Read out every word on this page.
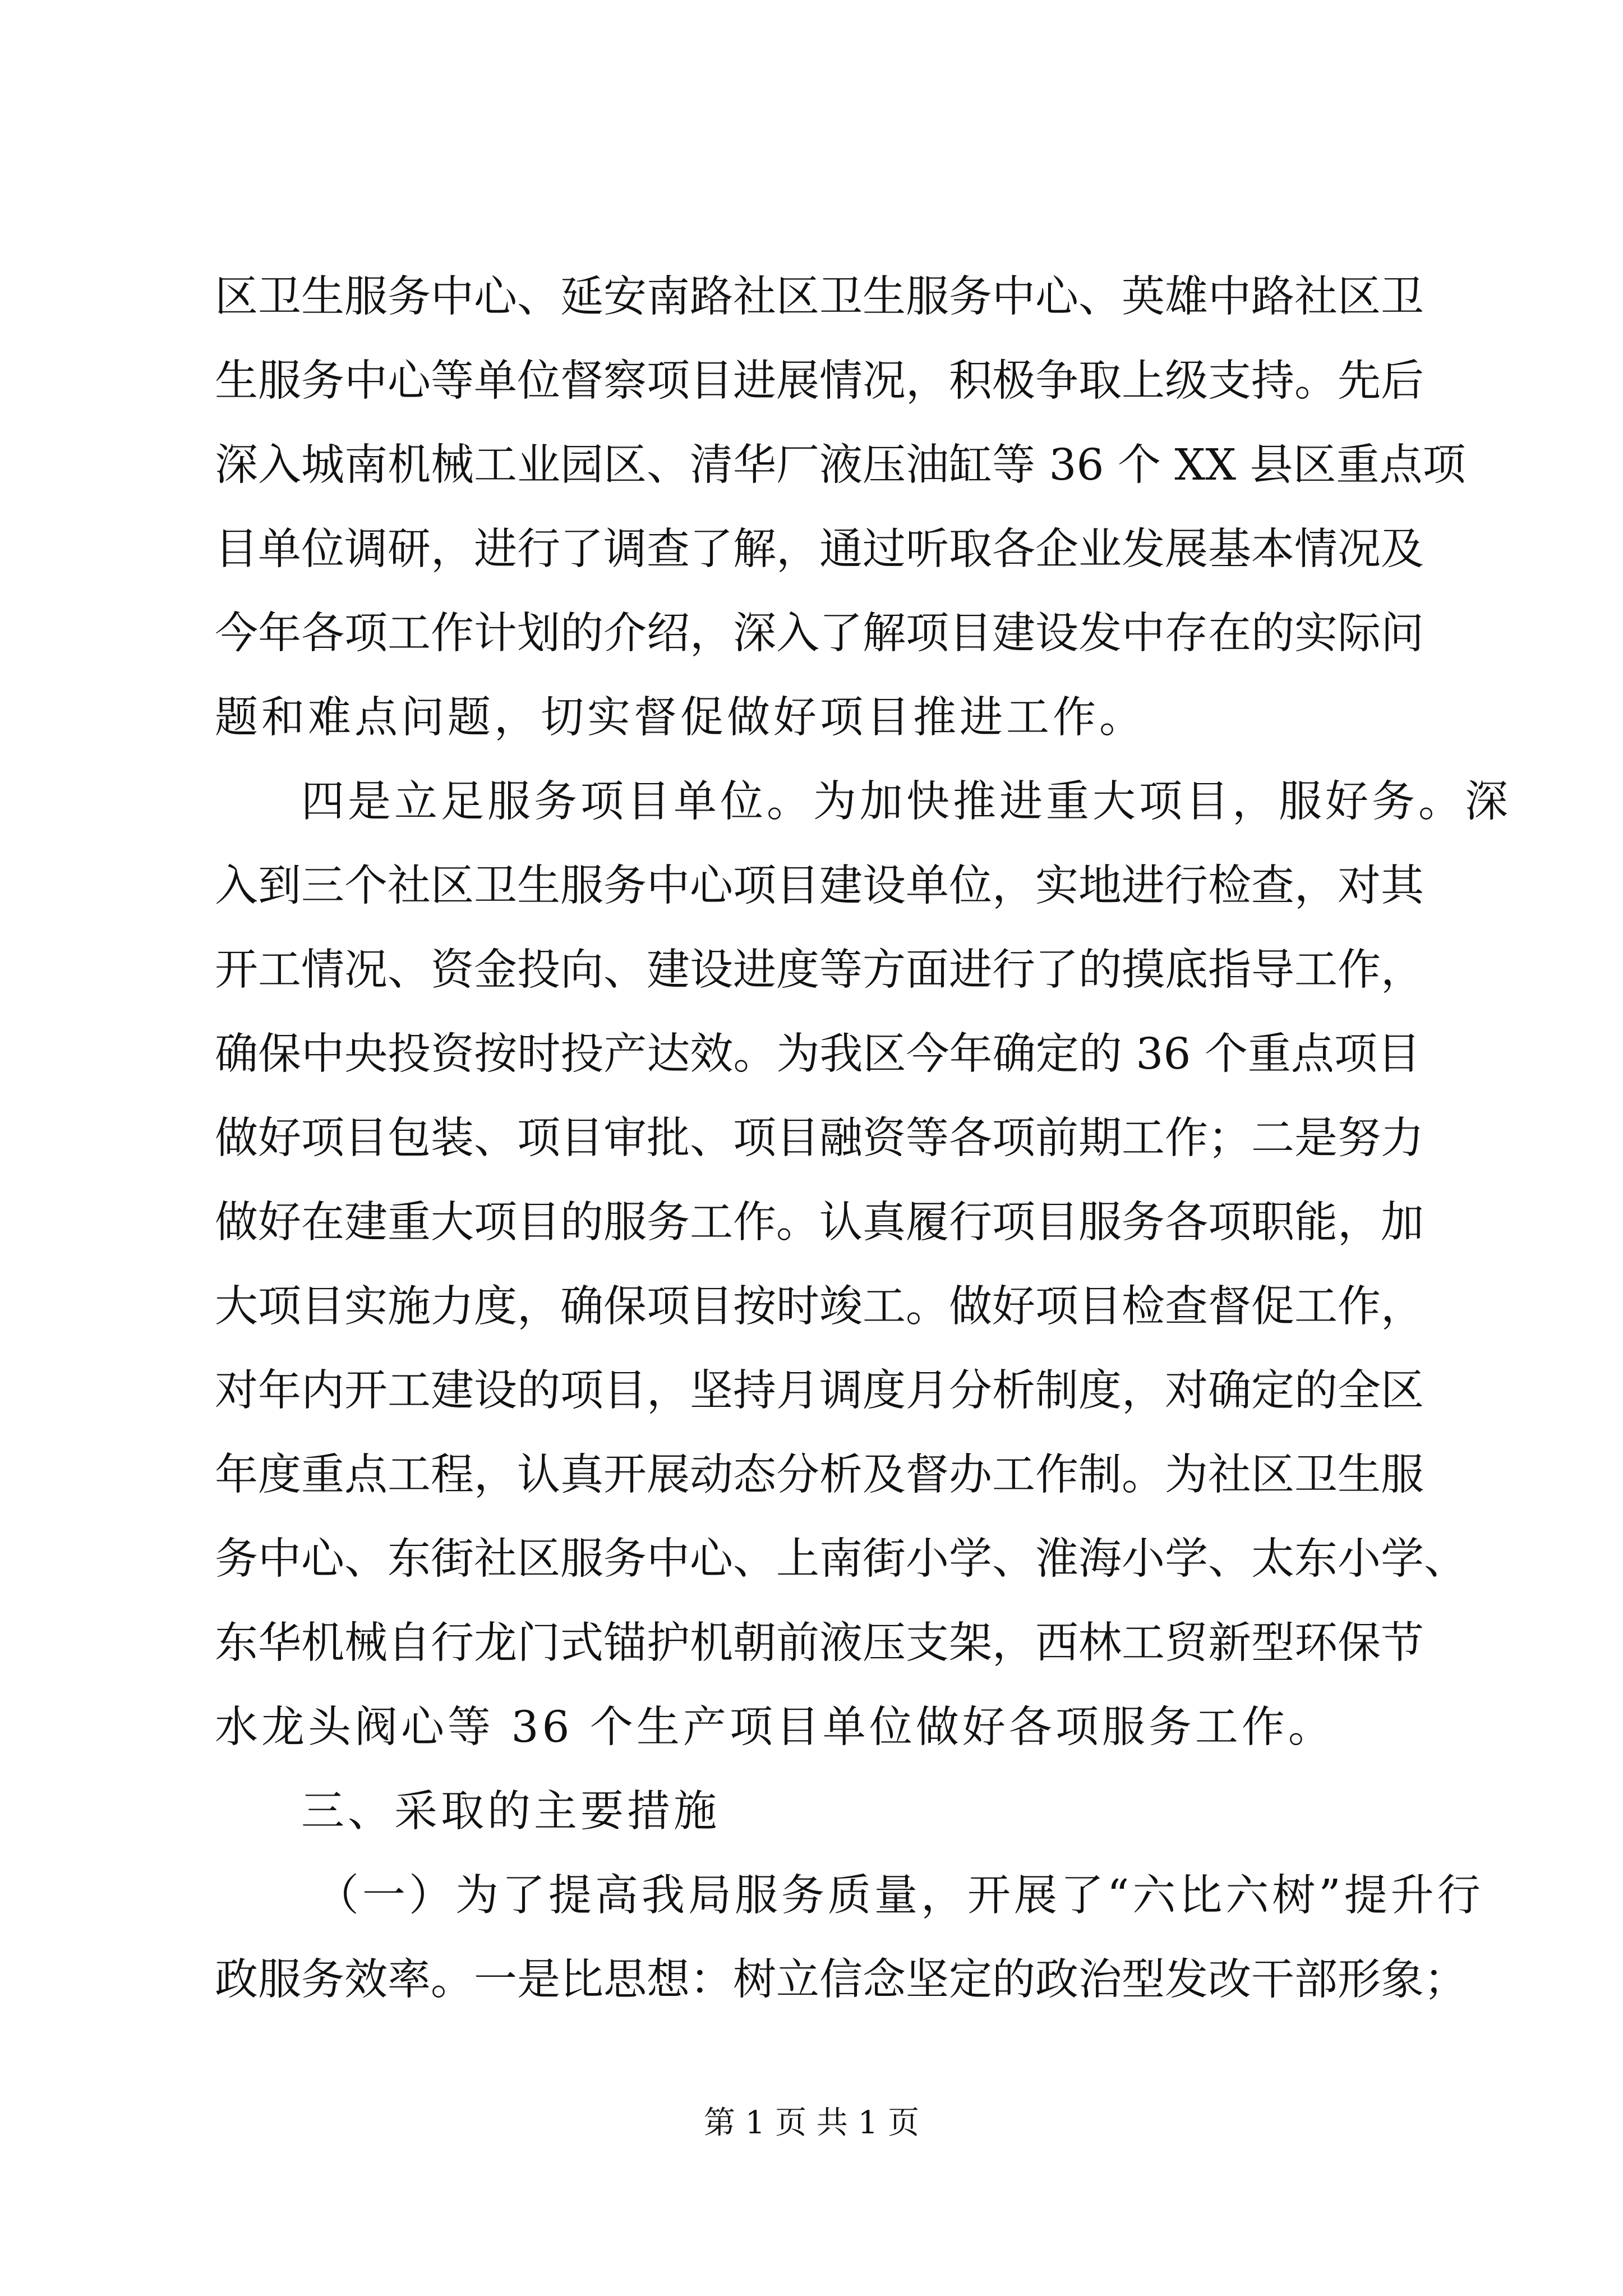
区卫生服务中心、延安南路社区卫生服务中心、英雄中路社区卫
生服务中心等单位督察项目进展情况，积极争取上级支持。先后
深入城南机械工业园区、清华厂液压油缸等 36 个 XX 县区重点项
目单位调研，进行了调查了解，通过听取各企业发展基本情况及
今年各项工作计划的介绍，深入了解项目建设发中存在的实际问
题和难点问题，切实督促做好项目推进工作。
四是立足服务项目单位。为加快推进重大项目，服好务。深
入到三个社区卫生服务中心项目建设单位，实地进行检查，对其
开工情况、资金投向、建设进度等方面进行了的摸底指导工作，
确保中央投资按时投产达效。为我区今年确定的 36 个重点项目
做好项目包装、项目审批、项目融资等各项前期工作；二是努力
做好在建重大项目的服务工作。认真履行项目服务各项职能，加
大项目实施力度，确保项目按时竣工。做好项目检查督促工作，
对年内开工建设的项目，坚持月调度月分析制度，对确定的全区
年度重点工程，认真开展动态分析及督办工作制。为社区卫生服
务中心、东街社区服务中心、上南街小学、淮海小学、太东小学、
东华机械自行龙门式锚护机朝前液压支架，西林工贸新型环保节
水龙头阀心等 36 个生产项目单位做好各项服务工作。
三、采取的主要措施
（一）为了提高我局服务质量，开展了“六比六树”提升行
政服务效率。一是比思想：树立信念坚定的政治型发改干部形象；
第 1 页 共 1 页
